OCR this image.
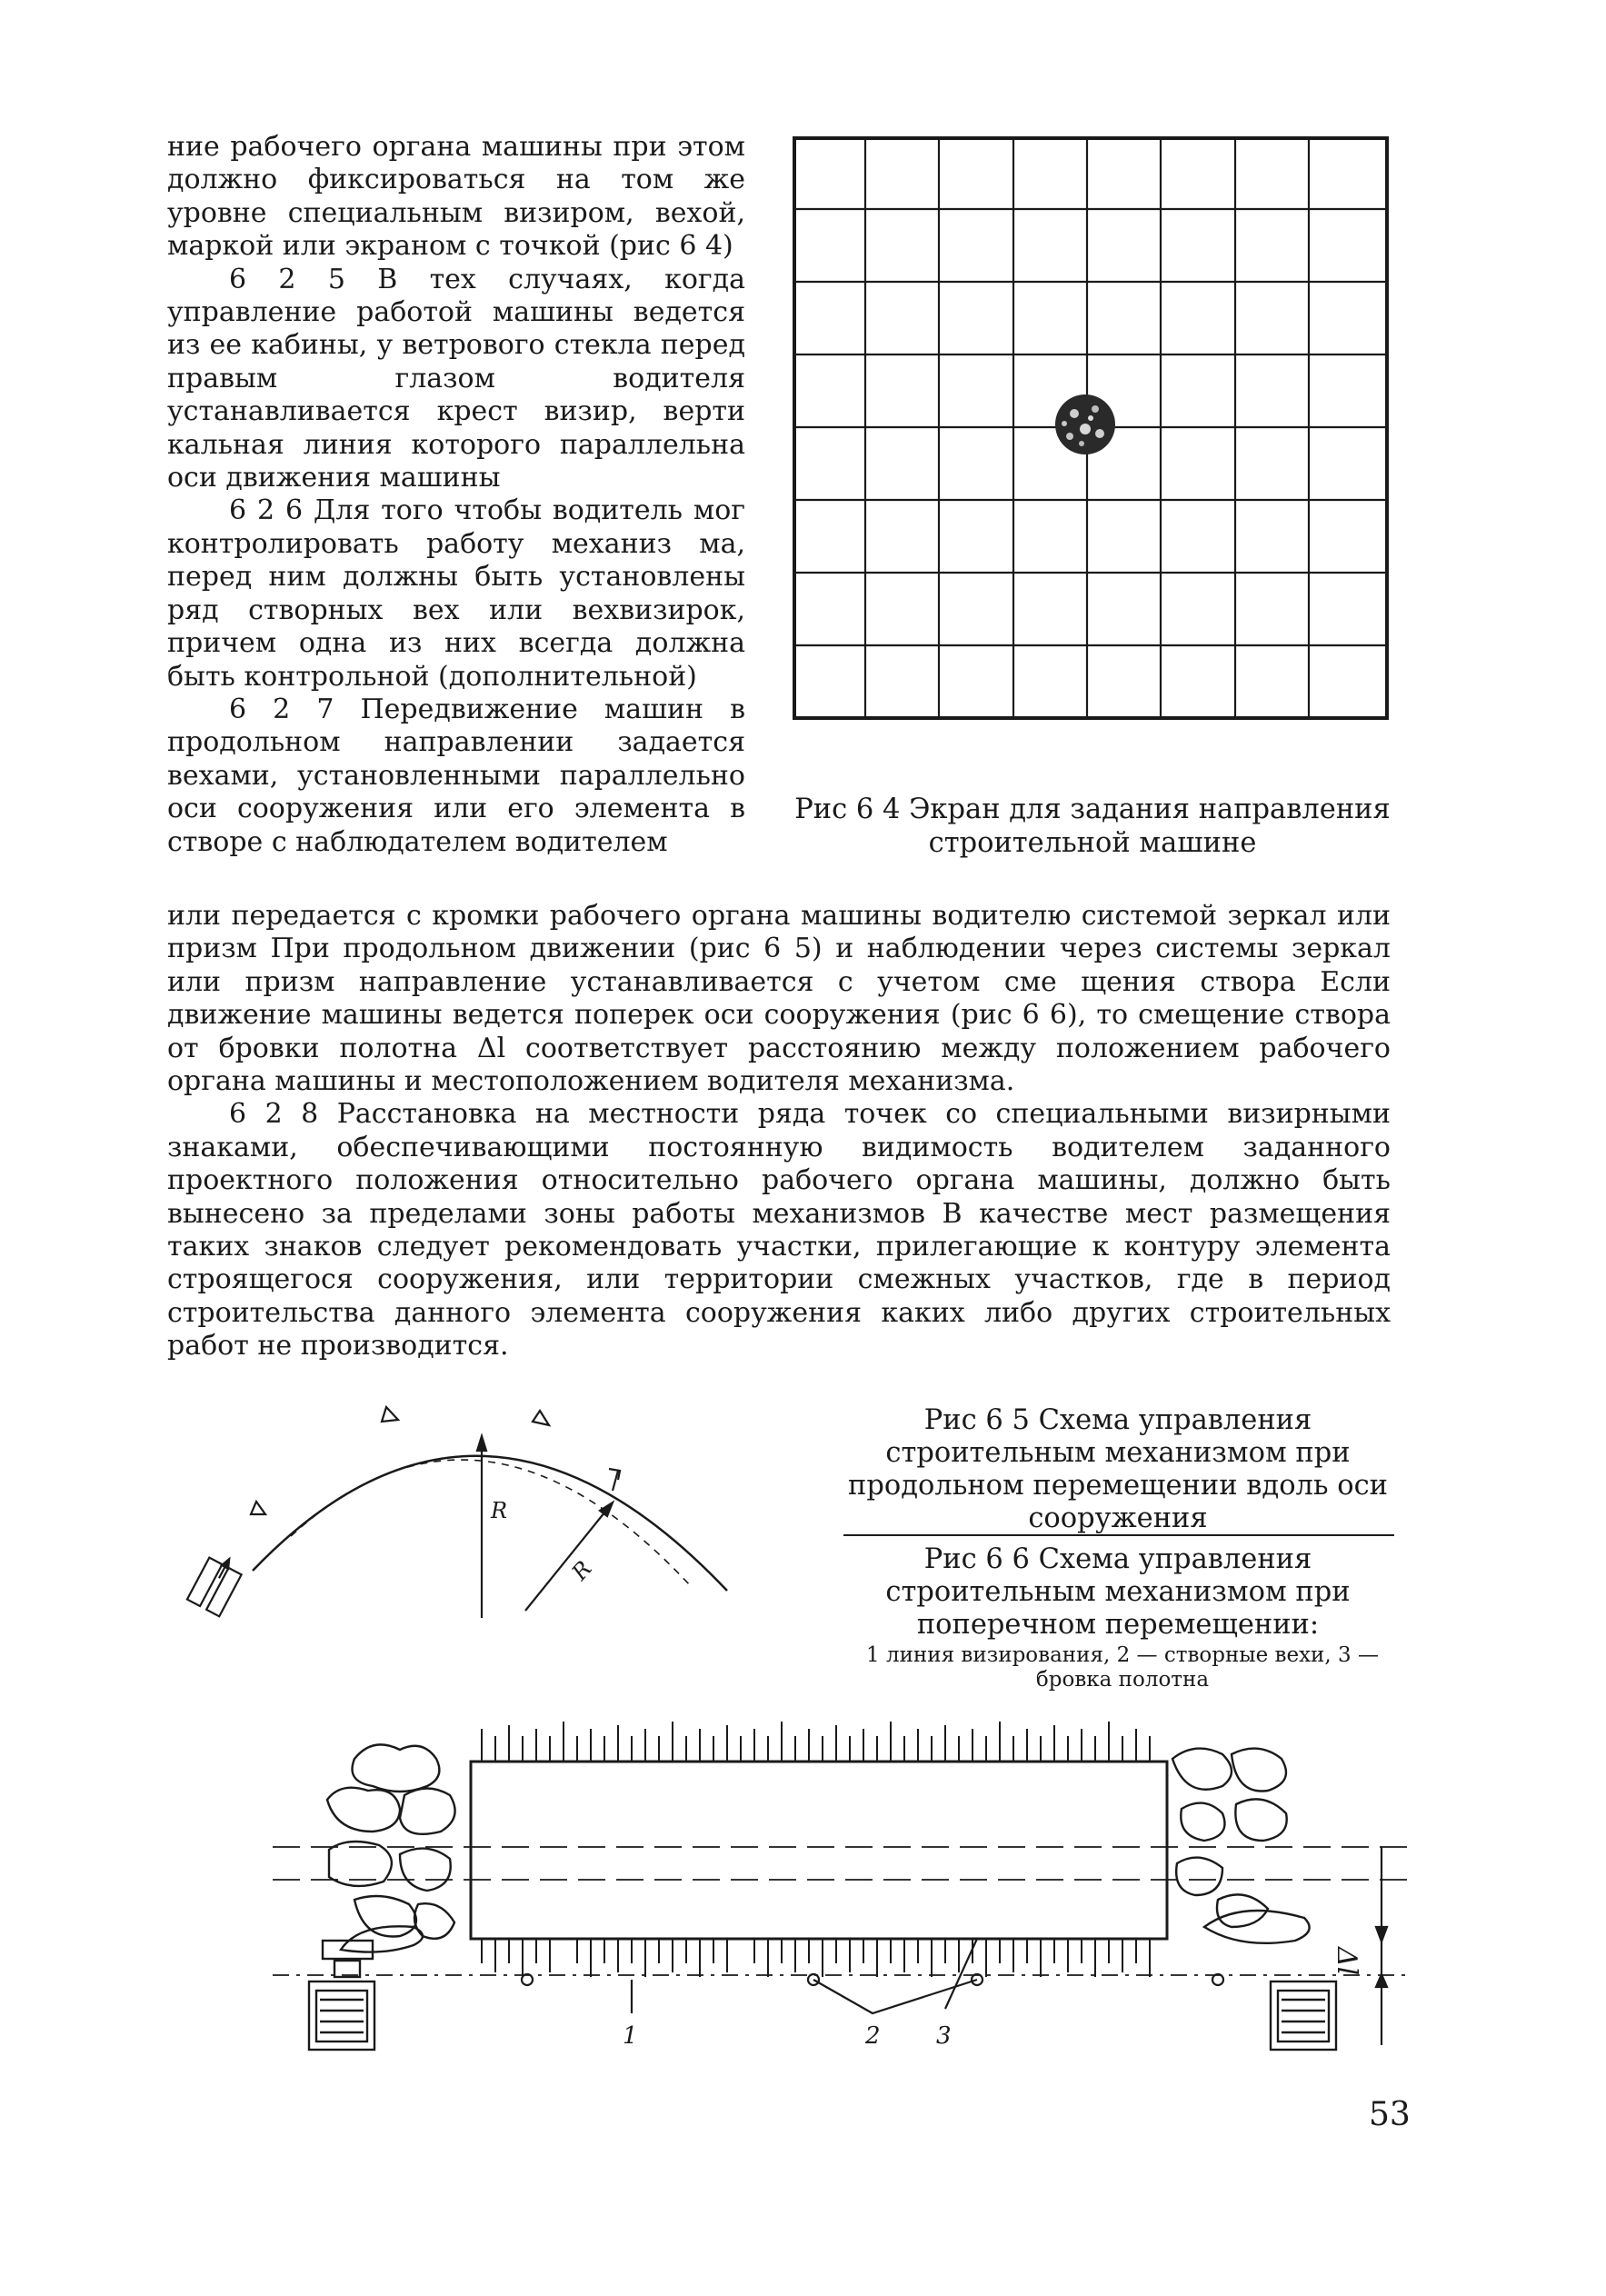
ние рабочего органа машины при этом должно фиксироваться на том же уровне специальным визиром, вехой, маркой или экраном с точкой (рис 6 4)

6 2 5 В тех случаях, когда управление работой машины ведется из ее кабины, у ветрового стекла перед правым глазом водителя устанавливается крест визир, верти кальная линия которого параллельна оси движения машины

6 2 6 Для того чтобы водитель мог контролировать работу механиз ма, перед ним должны быть установлены ряд створных вех или вехвизирок, причем одна из них всегда должна быть контрольной (дополнительной)

6 2 7 Передвижение машин в продольном направлении задается вехами, установленными параллельно оси сооружения или его элемента в створе с наблюдателем водителем

Рис 6 4 Экран для задания направления строительной машине

или передается с кромки рабочего органа машины водителю системой зеркал или призм При продольном движении (рис 6 5) и наблюдении через системы зеркал или призм направление устанавливается с учетом сме щения створа Если движение машины ведется поперек оси сооружения (рис 6 6), то смещение створа от бровки полотна Δl соответствует расстоянию между положением рабочего органа машины и местоположением водителя механизма.

6 2 8 Расстановка на местности ряда точек со специальными визирными знаками, обеспечивающими постоянную видимость водителем заданного проектного положения относительно рабочего органа машины, должно быть вынесено за пределами зоны работы механизмов В качестве мест размещения таких знаков следует рекомендовать участки, прилегающие к контуру элемента строящегося сооружения, или территории смежных участков, где в период строительства данного элемента сооружения каких либо других строительных работ не производится.

R
R
Рис 6 5 Схема управления строительным механизмом при продольном перемещении вдоль оси сооружения
Рис 6 6 Схема управления строительным механизмом при поперечном перемещении:
1 линия визирования, 2 — створные вехи, 3 — бровка полотна
1	2 3
Δl
53
